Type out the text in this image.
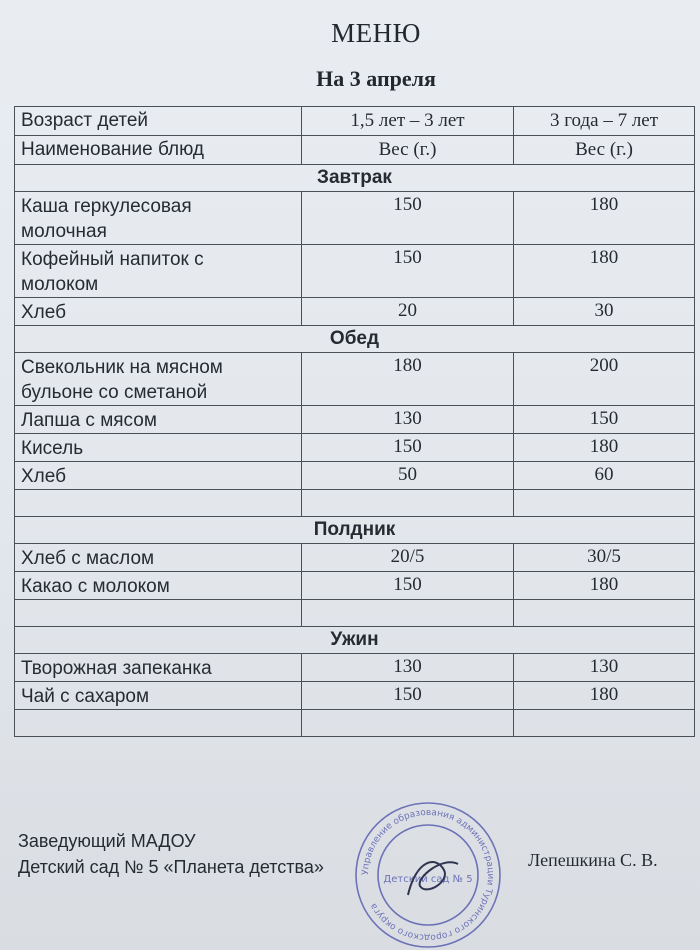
МЕНЮ
На 3 апреля
Возраст детей	1,5 лет – 3 лет	3 года – 7 лет
Наименование блюд	Вес (г.)	Вес (г.)
Завтрак		

Каша геркулесовая
молочная	150	180

Кофейный напиток с
молоком	150	180

Хлеб	20	30
Обед		

Свекольник на мясном
бульоне со сметаной	180	200

Лапша с мясом	130	150

Кисель	150	180

Хлеб	50	60

Полдник		

Хлеб с маслом	20/5	30/5

Какао с молоком	150	180

Ужин		

Творожная запеканка	130	130

Чай с сахаром	150	180

Заведующий МАДОУ
Детский сад № 5 «Планета детства»	Лепешкина С. В.
Управление образования администрации Туринского городского округа
Детский сад № 5
